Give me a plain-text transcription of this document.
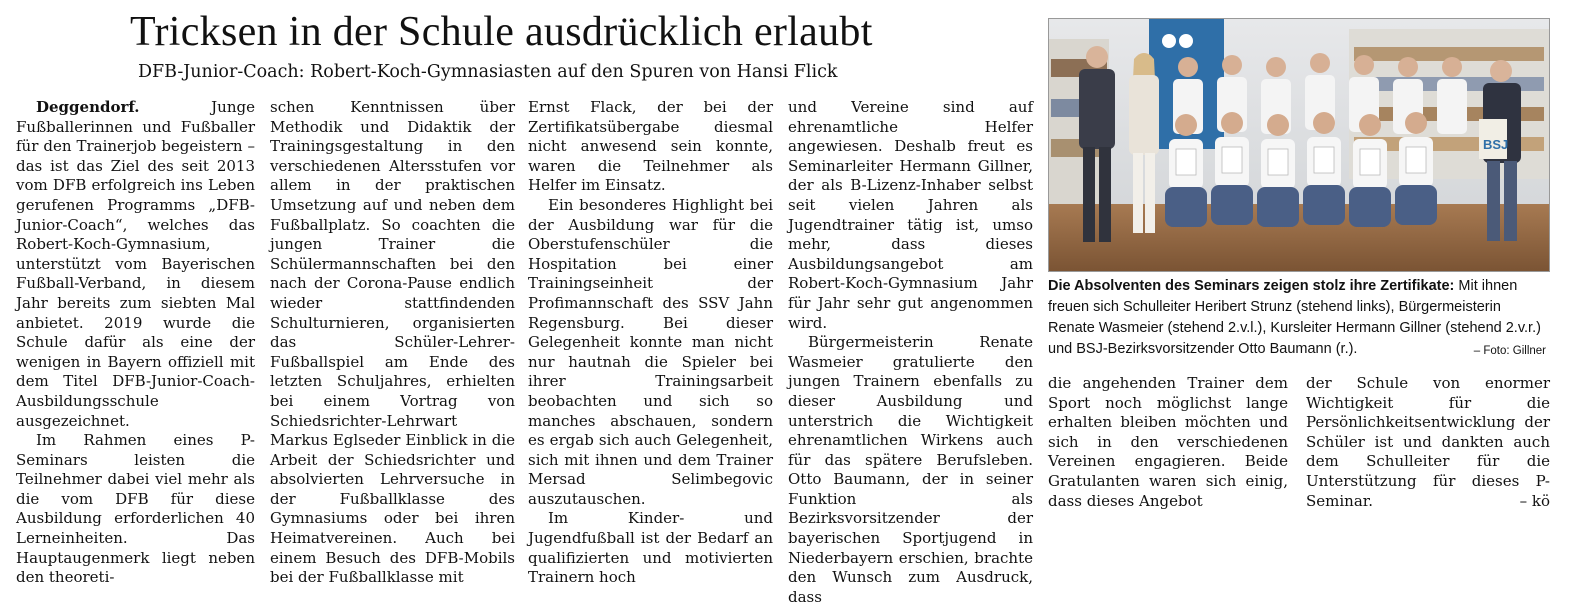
Tricksen in der Schule ausdrücklich erlaubt
DFB-Junior-Coach: Robert-Koch-Gymnasiasten auf den Spuren von Hansi Flick

Deggendorf.	Junge Fußballerinnen und Fußballer für den Trainerjob begeistern – das ist das Ziel des seit 2013 vom DFB erfolgreich ins Leben gerufenen Programms „DFB-Junior-Coach“, welches das Robert-Koch-Gymnasium, unterstützt vom Bayerischen Fußball-Verband, in diesem Jahr bereits zum siebten Mal anbietet. 2019 wurde die Schule dafür als eine der wenigen in Bayern offiziell mit dem Titel DFB-Junior-Coach-Ausbildungsschule ausgezeichnet.

Im Rahmen eines P-Seminars leisten die Teilnehmer dabei viel mehr als die vom DFB für diese Ausbildung erforderlichen 40 Lerneinheiten. Das Hauptaugenmerk liegt neben den theoreti-

schen Kenntnissen über Methodik und Didaktik der Trainingsgestaltung in den verschiedenen Altersstufen vor allem in der praktischen Umsetzung auf und neben dem Fußballplatz. So coachten die jungen Trainer die Schülermannschaften bei den nach der Corona-Pause endlich wieder stattfindenden Schulturnieren, organisierten das Schüler-Lehrer-Fußballspiel am Ende des letzten Schuljahres, erhielten bei einem Vortrag von Schiedsrichter-Lehrwart Markus Eglseder Einblick in die Arbeit der Schiedsrichter und absolvierten Lehrversuche in der Fußballklasse des Gymnasiums oder bei ihren Heimatvereinen. Auch bei einem Besuch des DFB-Mobils bei der Fußballklasse mit

Ernst Flack, der bei der Zertifikatsübergabe diesmal nicht anwesend sein konnte, waren die Teilnehmer als Helfer im Einsatz.

Ein besonderes Highlight bei der Ausbildung war für die Oberstufenschüler die Hospitation bei einer Trainingseinheit der Profimannschaft des SSV Jahn Regensburg. Bei dieser Gelegenheit konnte man nicht nur hautnah die Spieler bei ihrer Trainingsarbeit beobachten und sich so manches abschauen, sondern es ergab sich auch Gelegenheit, sich mit ihnen und dem Trainer Mersad Selimbegovic auszutauschen.

Im Kinder- und Jugendfußball ist der Bedarf an qualifizierten und motivierten Trainern hoch

und Vereine sind auf ehrenamtliche Helfer angewiesen. Deshalb freut es Seminarleiter Hermann Gillner, der als B-Lizenz-Inhaber selbst seit vielen Jahren als Jugendtrainer tätig ist, umso mehr, dass dieses Ausbildungsangebot am Robert-Koch-Gymnasium Jahr für Jahr sehr gut angenommen wird.

Bürgermeisterin Renate Wasmeier gratulierte den jungen Trainern ebenfalls zu dieser Ausbildung und unterstrich die Wichtigkeit ehrenamtlichen Wirkens auch für das spätere Berufsleben. Otto Baumann, der in seiner Funktion als Bezirksvorsitzender der bayerischen Sportjugend in Niederbayern erschien, brachte den Wunsch zum Ausdruck, dass

BSJ
Die Absolventen des Seminars zeigen stolz ihre Zertifikate: Mit ihnen freuen sich Schulleiter Heribert Strunz (stehend links), Bürgermeisterin Renate Wasmeier (stehend 2.v.l.), Kursleiter Hermann Gillner (stehend 2.v.r.) und BSJ-Bezirksvorsitzender Otto Baumann (r.).	– Foto: Gillner

die angehenden Trainer dem Sport noch möglichst lange erhalten bleiben möchten und sich in den verschiedenen Vereinen engagieren. Beide Gratulanten waren sich einig, dass dieses Angebot

der Schule von enormer Wichtigkeit für die Persönlichkeitsentwicklung der Schüler ist und dankten auch dem Schulleiter für die Unterstützung für dieses P-Seminar.	– kö
